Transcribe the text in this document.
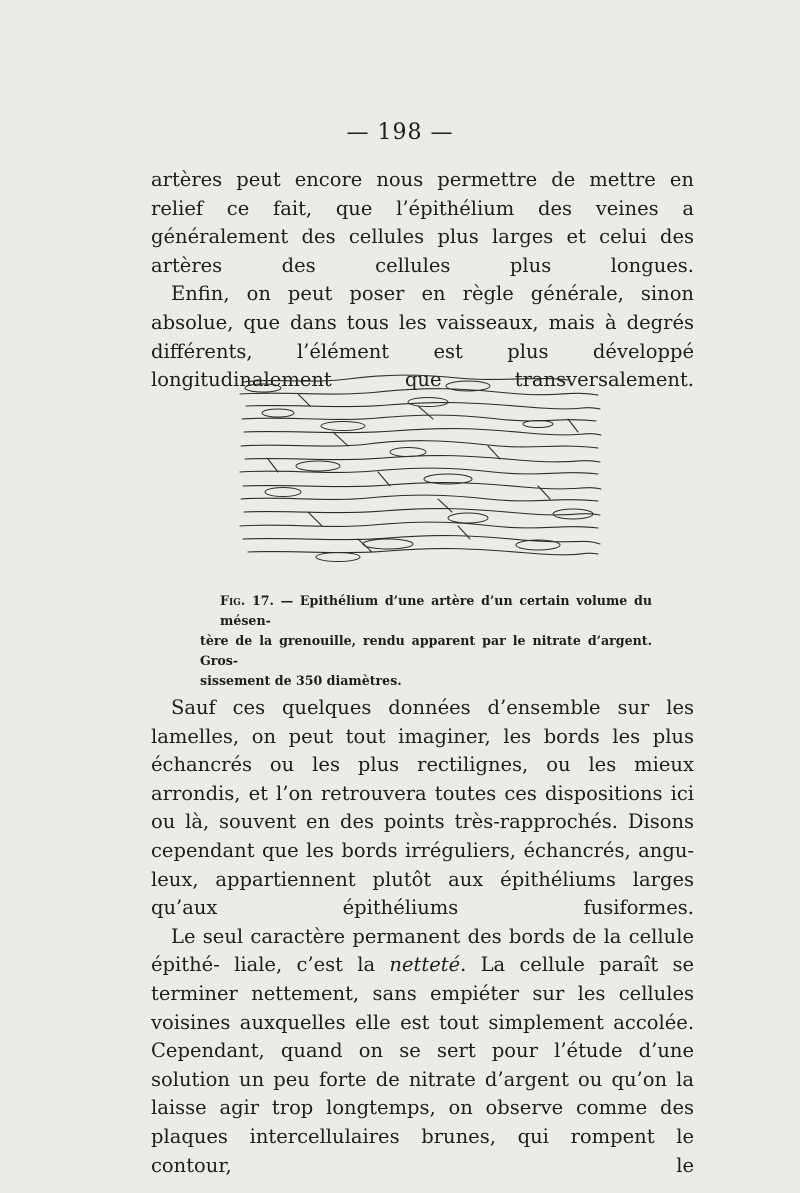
— 198 —

artères peut encore nous permettre de mettre en relief ce fait, que l’épithélium des veines a généralement des cellules plus larges et celui des artères des cellules plus longues.

Enfin, on peut poser en règle générale, sinon absolue, que dans tous les vaisseaux, mais à degrés différents, l’élément est plus développé longitudinalement que transversalement.

Fig. 17. — Epithélium d’une artère d’un certain volume du mésen-
tère de la grenouille, rendu apparent par le nitrate d’argent. Gros-
sissement de 350 diamètres.

Sauf ces quelques données d’ensemble sur les lamelles, on peut tout imaginer, les bords les plus échancrés ou les plus rectilignes, ou les mieux arrondis, et l’on retrouvera toutes ces dispositions ici ou là, souvent en des points très-rapprochés. Disons cependant que les bords irréguliers, échancrés, angu- leux, appartiennent plutôt aux épithéliums larges qu’aux	épithéliums fusiformes.

Le seul caractère permanent des bords de la cellule épithé- liale, c’est la netteté. La cellule paraît se terminer nettement, sans empiéter sur les cellules voisines auxquelles elle est tout simplement accolée. Cependant, quand on se sert pour l’étude d’une solution un peu forte de nitrate d’argent ou qu’on la laisse agir trop longtemps, on observe comme des plaques intercellulaires brunes, qui rompent le contour, le
